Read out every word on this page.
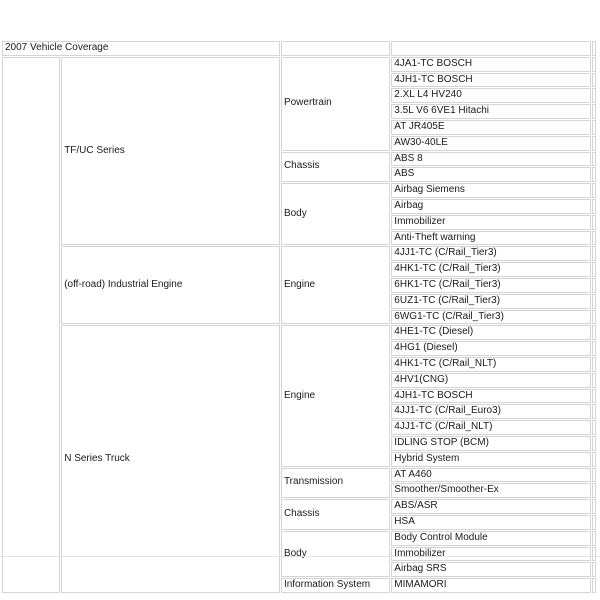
2007 Vehicle Coverage				
	TF/UC Series	Powertrain	4JA1-TC BOSCH	
			4JH1-TC BOSCH	
			2.XL L4 HV240	
			3.5L V6 6VE1 Hitachi	
			AT JR405E	
			AW30-40LE	
		Chassis	ABS 8	
			ABS	
		Body	Airbag Siemens	
			Airbag	
			Immobilizer	
			Anti-Theft warning	
	(off-road) Industrial Engine	Engine	4JJ1-TC (C/Rail_Tier3)	
			4HK1-TC (C/Rail_Tier3)	
			6HK1-TC (C/Rail_Tier3)	
			6UZ1-TC (C/Rail_Tier3)	
			6WG1-TC (C/Rail_Tier3)	
	N Series Truck	Engine	4HE1-TC (Diesel)	
			4HG1 (Diesel)	
			4HK1-TC (C/Rail_NLT)	
			4HV1(CNG)	
			4JH1-TC BOSCH	
			4JJ1-TC (C/Rail_Euro3)	
			4JJ1-TC (C/Rail_NLT)	
			IDLING STOP (BCM)	
			Hybrid System	
		Transmission	AT A460	
			Smoother/Smoother-Ex	
		Chassis	ABS/ASR	
			HSA	
		Body	Body Control Module	
			Immobilizer	
			Airbag SRS	
		Information System	MIMAMORI	
